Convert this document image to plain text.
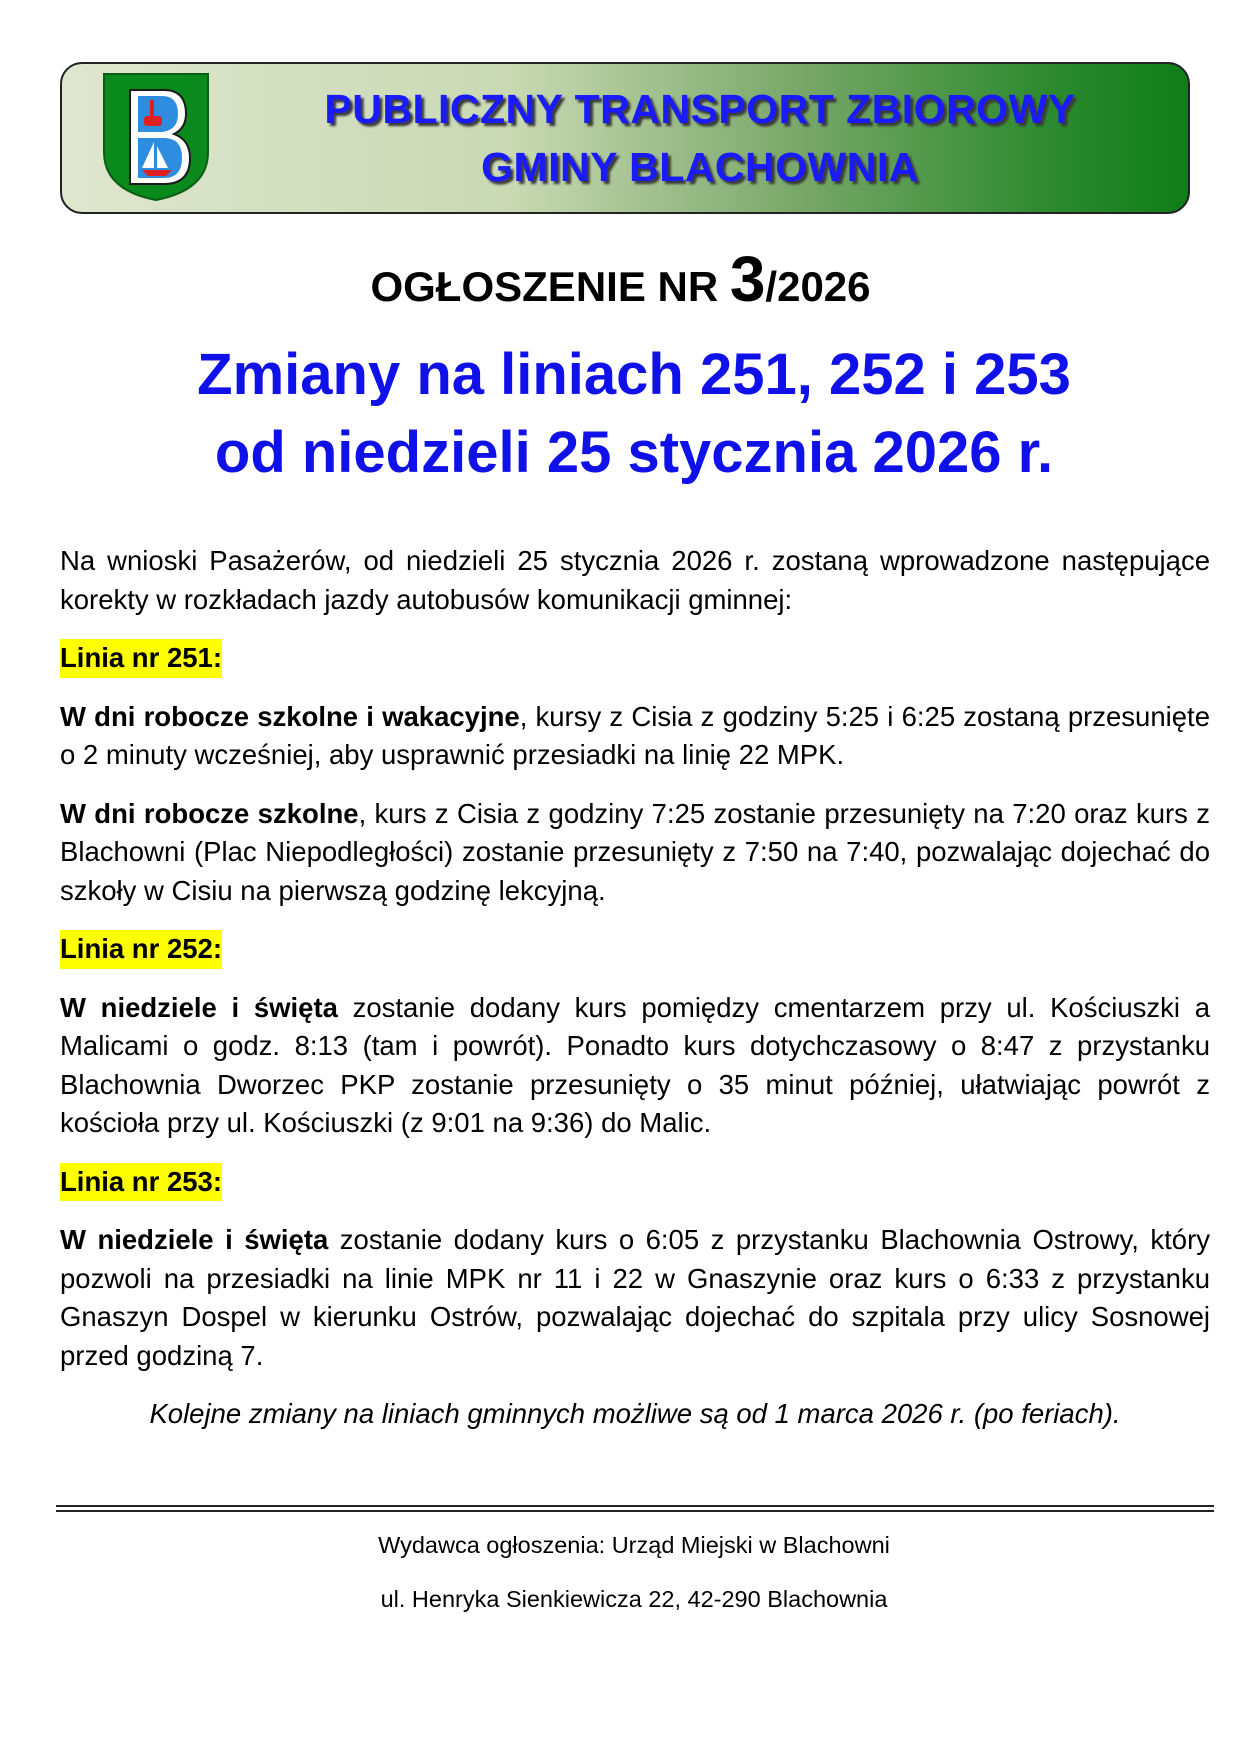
PUBLICZNY TRANSPORT ZBIOROWY
GMINY BLACHOWNIA
OGŁOSZENIE NR 3/2026
Zmiany na liniach 251, 252 i 253
od niedzieli 25 stycznia 2026 r.

Na wnioski Pasażerów, od niedzieli 25 stycznia 2026 r. zostaną wprowadzone następujące korekty w rozkładach jazdy autobusów komunikacji gminnej:

Linia nr 251:

W dni robocze szkolne i wakacyjne, kursy z Cisia z godziny 5:25 i 6:25 zostaną przesunięte o 2 minuty wcześniej, aby usprawnić przesiadki na linię 22 MPK.

W dni robocze szkolne, kurs z Cisia z godziny 7:25 zostanie przesunięty na 7:20 oraz kurs z Blachowni (Plac Niepodległości) zostanie przesunięty z 7:50 na 7:40, pozwalając dojechać do szkoły w Cisiu na pierwszą godzinę lekcyjną.

Linia nr 252:

W niedziele i święta zostanie dodany kurs pomiędzy cmentarzem przy ul. Kościuszki a Malicami o godz. 8:13 (tam i powrót). Ponadto kurs dotychczasowy o 8:47 z przystanku Blachownia Dworzec PKP zostanie przesunięty o 35 minut później, ułatwiając powrót z kościoła przy ul. Kościuszki (z 9:01 na 9:36) do Malic.

Linia nr 253:

W niedziele i święta zostanie dodany kurs o 6:05 z przystanku Blachownia Ostrowy, który pozwoli na przesiadki na linie MPK nr 11 i 22 w Gnaszynie oraz kurs o 6:33 z przystanku Gnaszyn Dospel w kierunku Ostrów, pozwalając dojechać do szpitala przy ulicy Sosnowej przed godziną 7.

Kolejne zmiany na liniach gminnych możliwe są od 1 marca 2026 r. (po feriach).

Wydawca ogłoszenia: Urząd Miejski w Blachowni
ul. Henryka Sienkiewicza 22, 42-290 Blachownia
